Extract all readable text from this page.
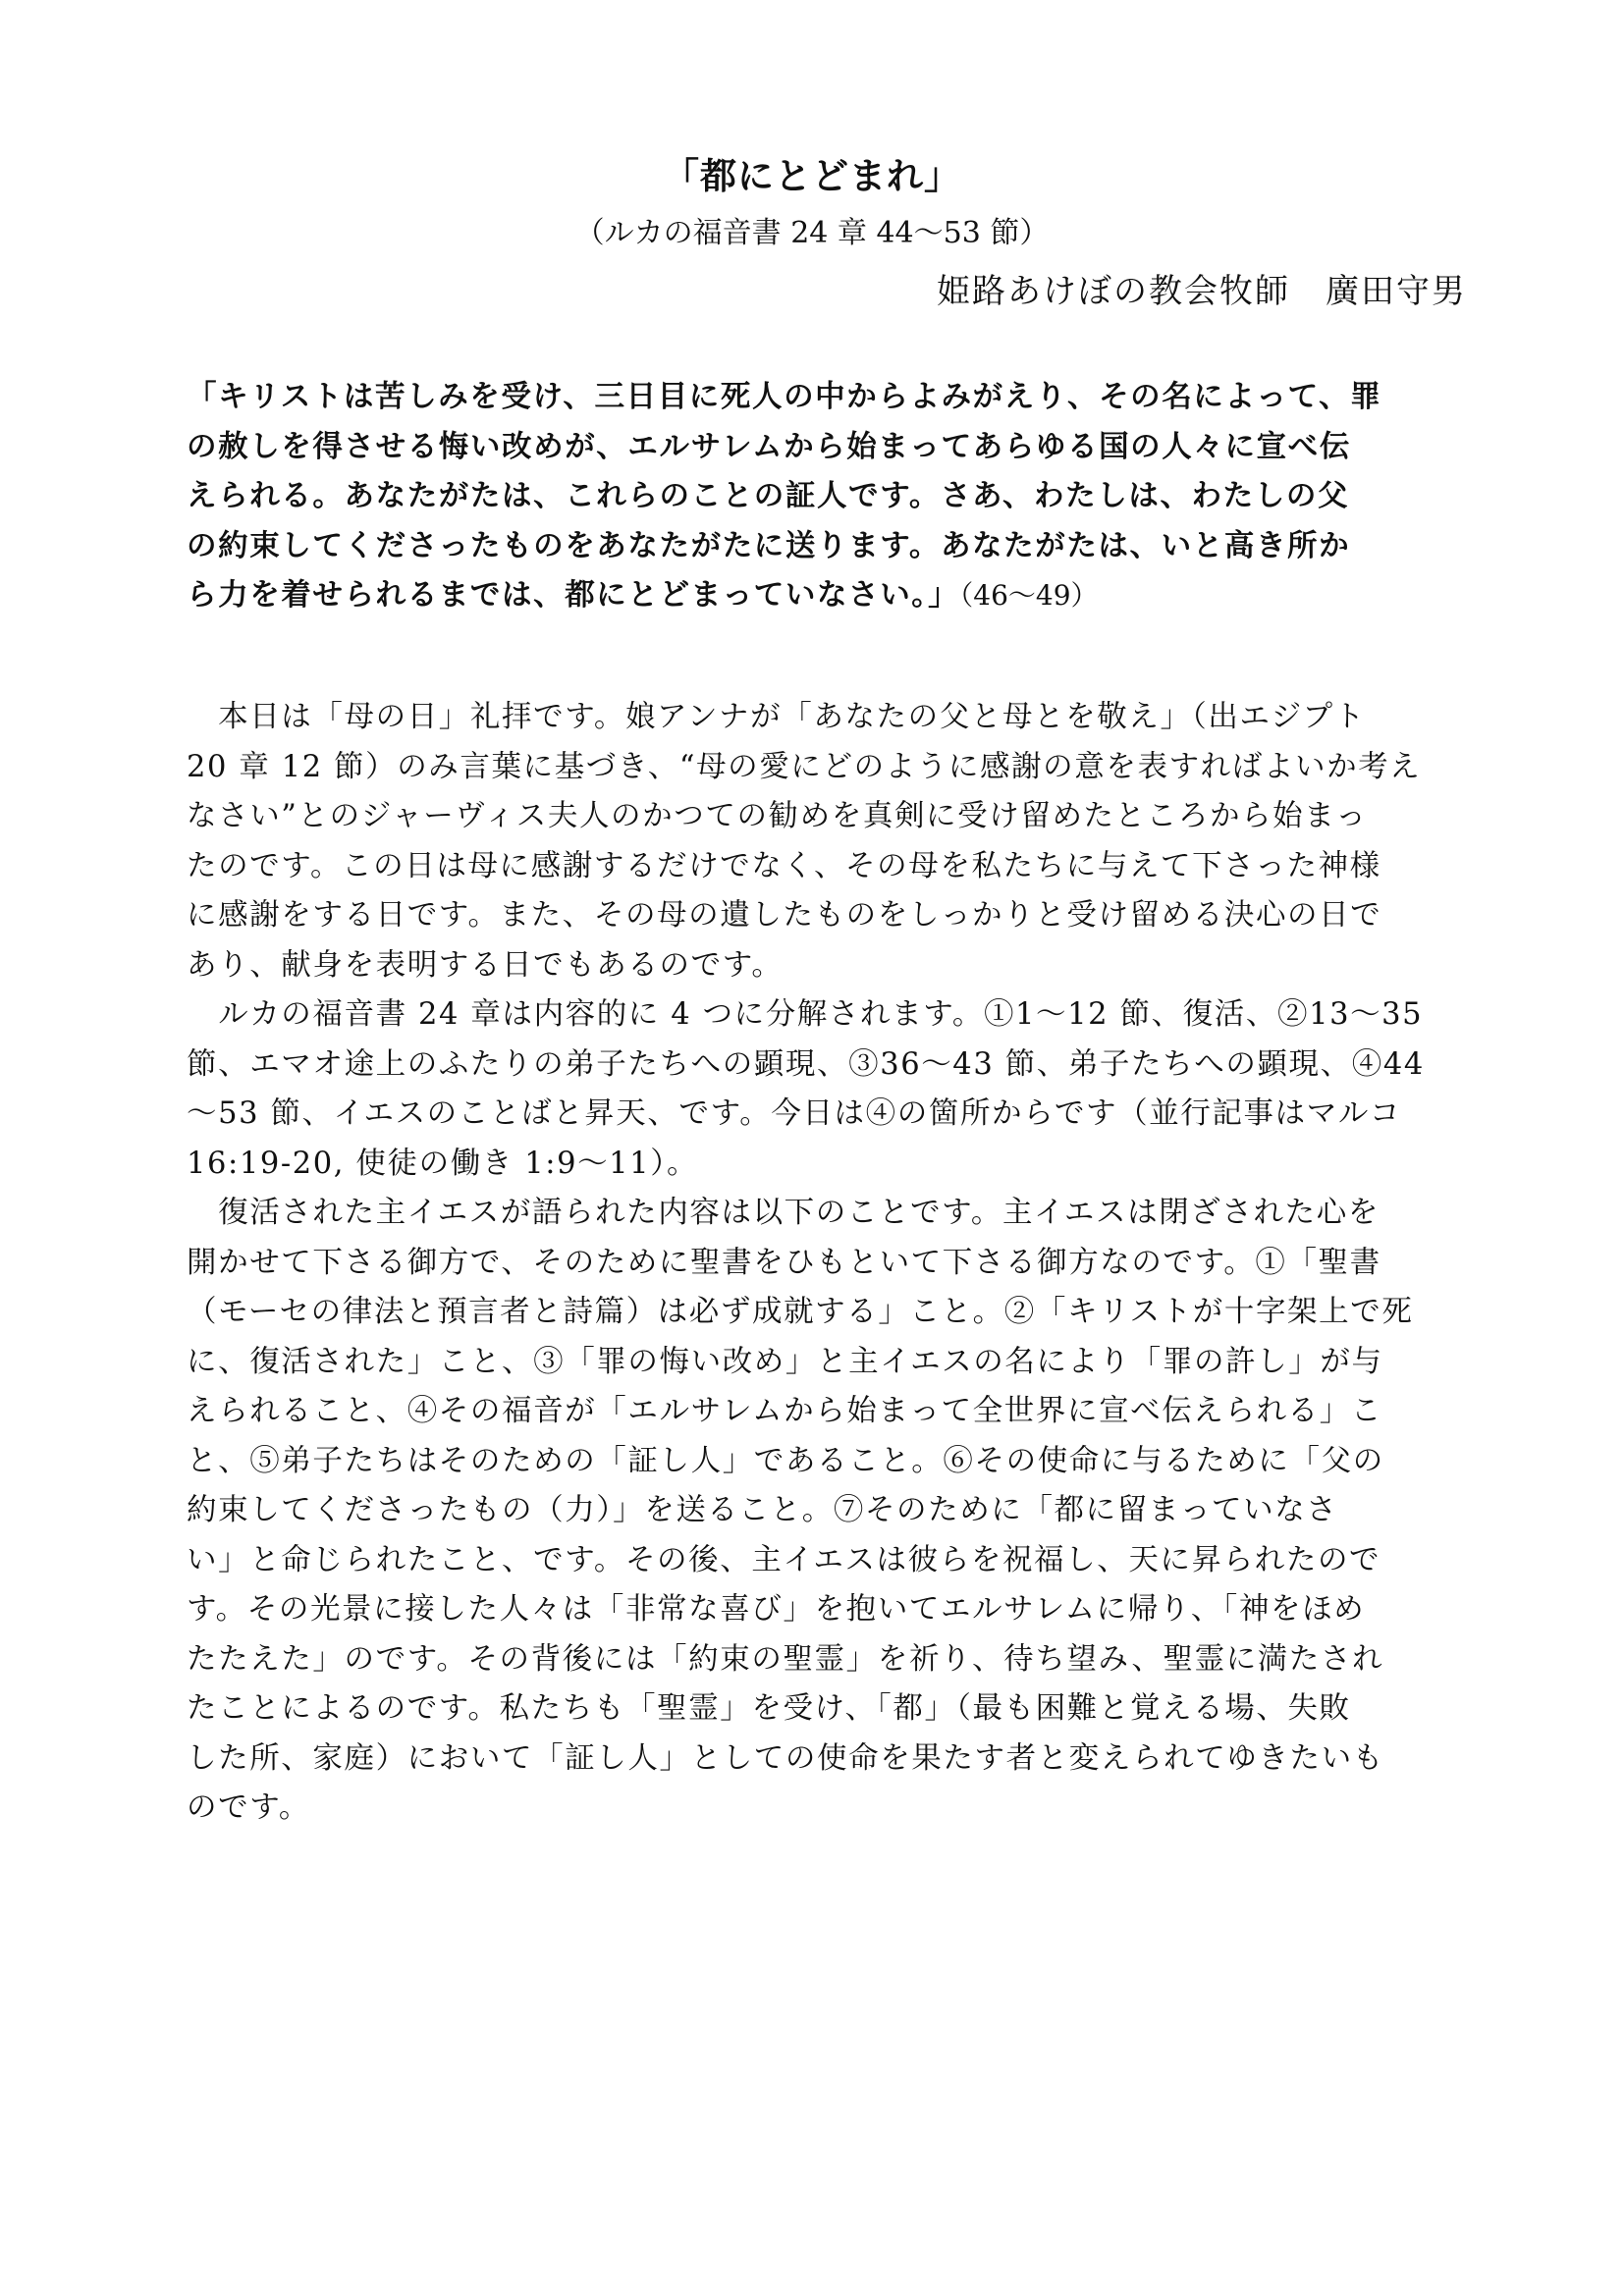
「都にとどまれ」
（ルカの福音書 24 章 44～53 節）
姫路あけぼの教会牧師　廣田守男
「キリストは苦しみを受け、三日目に死人の中からよみがえり、その名によって、罪
の赦しを得させる悔い改めが、エルサレムから始まってあらゆる国の人々に宣べ伝
えられる。あなたがたは、これらのことの証人です。さあ、わたしは、わたしの父
の約束してくださったものをあなたがたに送ります。あなたがたは、いと高き所か
ら力を着せられるまでは、都にとどまっていなさい。」（46～49）
　本日は「母の日」礼拝です。娘アンナが「あなたの父と母とを敬え」（出エジプト
20 章 12 節）のみ言葉に基づき、“母の愛にどのように感謝の意を表すればよいか考え
なさい”とのジャーヴィス夫人のかつての勧めを真剣に受け留めたところから始まっ
たのです。この日は母に感謝するだけでなく、その母を私たちに与えて下さった神様
に感謝をする日です。また、その母の遺したものをしっかりと受け留める決心の日で
あり、献身を表明する日でもあるのです。
　ルカの福音書 24 章は内容的に 4 つに分解されます。①1～12 節、復活、②13～35
節、エマオ途上のふたりの弟子たちへの顕現、③36～43 節、弟子たちへの顕現、④44
～53 節、イエスのことばと昇天、です。今日は④の箇所からです（並行記事はマルコ
16:19-20, 使徒の働き 1:9～11）。
　復活された主イエスが語られた内容は以下のことです。主イエスは閉ざされた心を
開かせて下さる御方で、そのために聖書をひもといて下さる御方なのです。①「聖書
（モーセの律法と預言者と詩篇）は必ず成就する」こと。②「キリストが十字架上で死
に、復活された」こと、③「罪の悔い改め」と主イエスの名により「罪の許し」が与
えられること、④その福音が「エルサレムから始まって全世界に宣べ伝えられる」こ
と、⑤弟子たちはそのための「証し人」であること。⑥その使命に与るために「父の
約束してくださったもの（力）」を送ること。⑦そのために「都に留まっていなさ
い」と命じられたこと、です。その後、主イエスは彼らを祝福し、天に昇られたので
す。その光景に接した人々は「非常な喜び」を抱いてエルサレムに帰り、「神をほめ
たたえた」のです。その背後には「約束の聖霊」を祈り、待ち望み、聖霊に満たされ
たことによるのです。私たちも「聖霊」を受け、「都」（最も困難と覚える場、失敗
した所、家庭）において「証し人」としての使命を果たす者と変えられてゆきたいも
のです。
